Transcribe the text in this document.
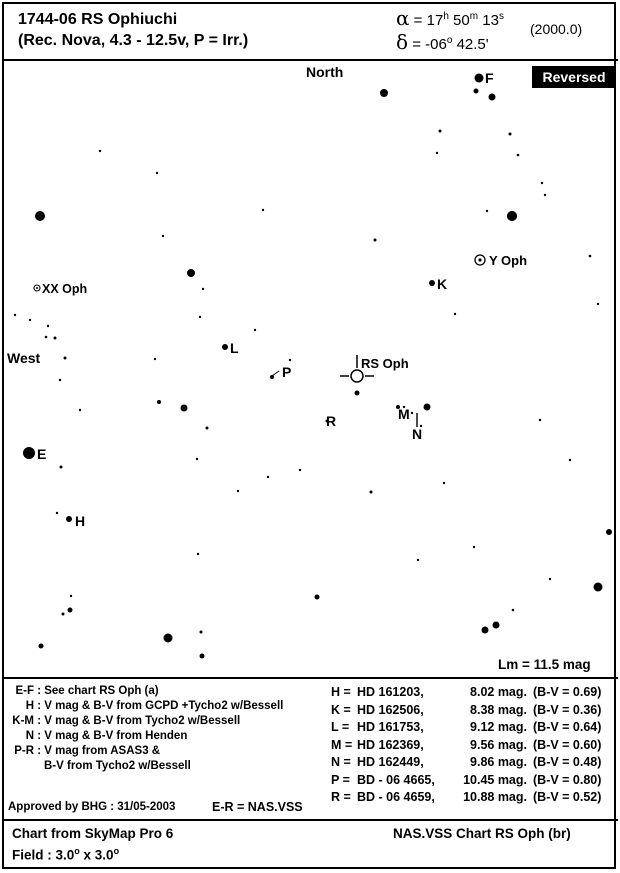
1744-06 RS Ophiuchi
(Rec. Nova, 4.3 - 12.5v, P = Irr.)
$\alpha = 17^h$ 50$^m$ 13$^s$
$\delta = -06^o$ 42.5'
(2000.0)
Reversed
RS Oph
Y Oph
XX Oph
North
West
E
F
H
K
L
M
N
P
R
Lm = 11.5 mag
E-F : See chart RS Oph (a)
H : V mag & B-V from GCPD +Tycho2 w/Bessell
K-M : V mag & B-V from Tycho2 w/Bessell
N : V mag & B-V from Henden
P-R : V mag from ASAS3 &
B-V from Tycho2 w/Bessell
Approved by BHG : 31/05-2003	E-R = NAS.VSS
H =HD 161203,	8.02 mag. (B-V = 0.69)
K =HD 162506,	8.38 mag. (B-V = 0.36)
L =HD 161753,	9.12 mag. (B-V = 0.64)
M =HD 162369,	9.56 mag. (B-V = 0.60)
N =HD 162449,	9.86 mag. (B-V = 0.48)
P =BD - 06 4665, 10.45 mag. (B-V = 0.80)
R =BD - 06 4659, 10.88 mag. (B-V = 0.52)
Chart from SkyMap Pro 6
Field : 3.0$^o$ x 3.0$^o$
NAS.VSS Chart RS Oph (br)
